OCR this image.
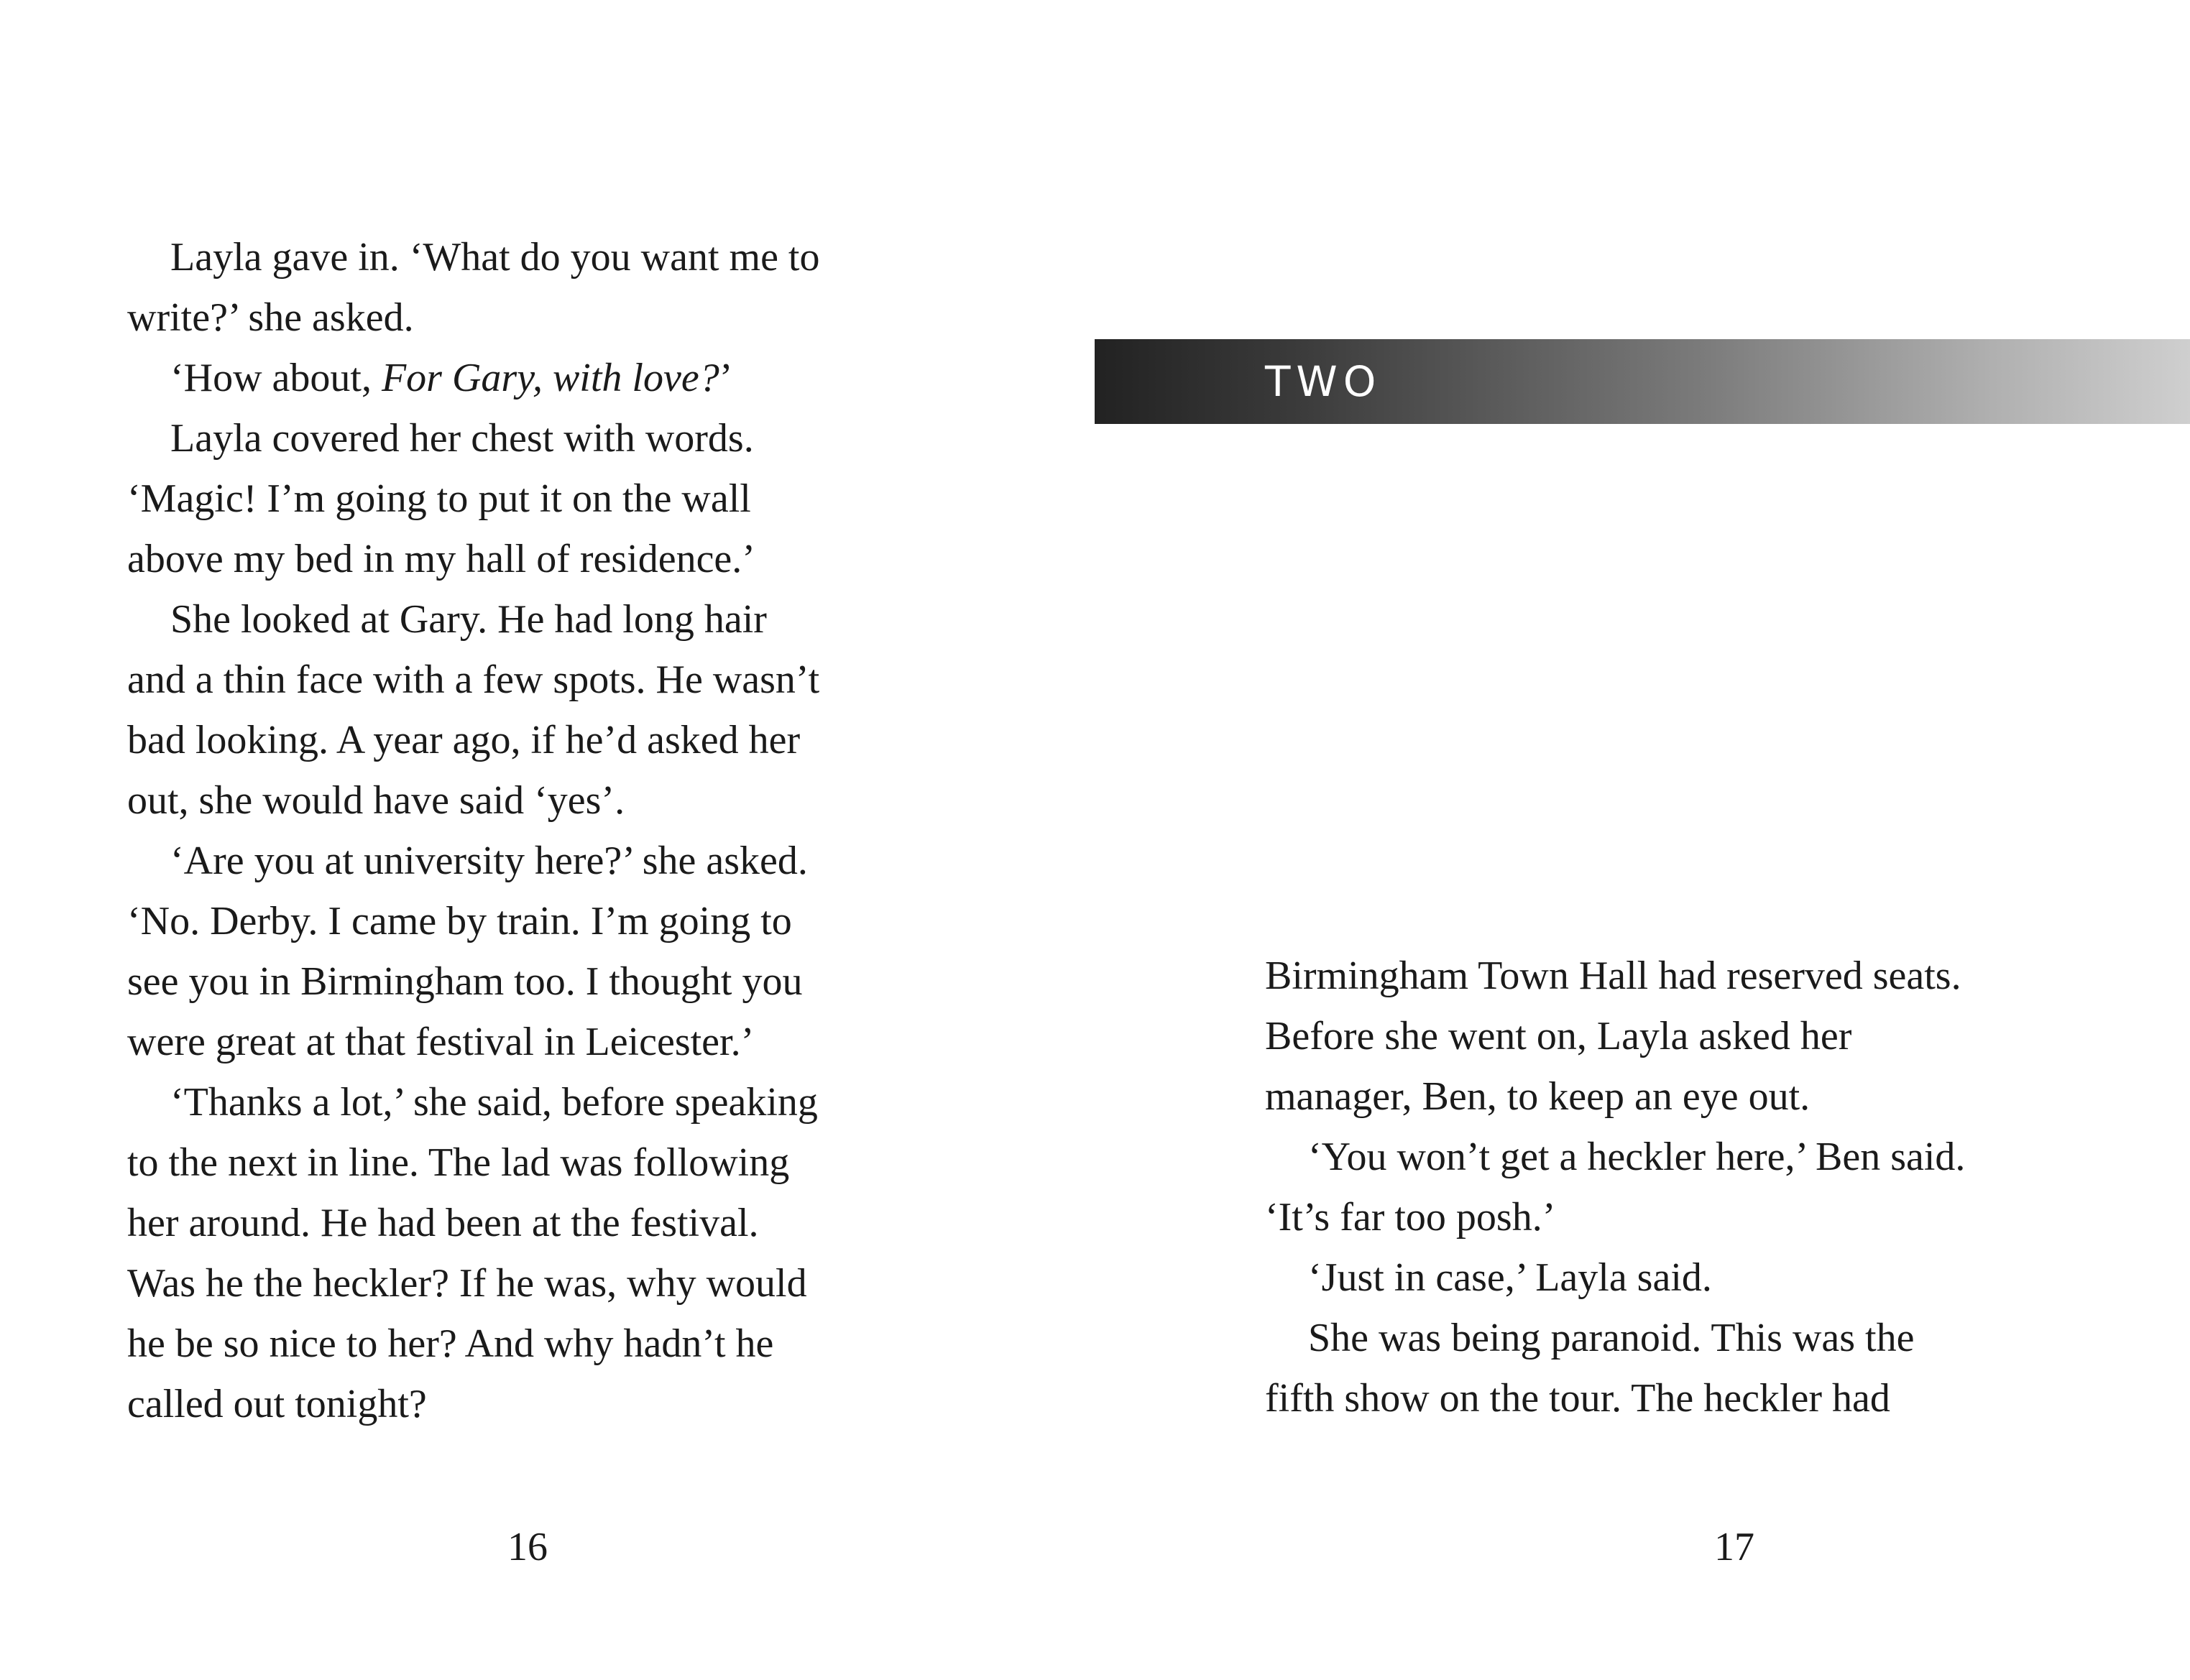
Layla gave in. ‘What do you want me to
write?’ she asked.
‘How about, For Gary, with love?’
Layla covered her chest with words.
‘Magic! I’m going to put it on the wall
above my bed in my hall of residence.’
She looked at Gary. He had long hair
and a thin face with a few spots. He wasn’t
bad looking. A year ago, if he’d asked her
out, she would have said ‘yes’.
‘Are you at university here?’ she asked.
‘No. Derby. I came by train. I’m going to
see you in Birmingham too. I thought you
were great at that festival in Leicester.’
‘Thanks a lot,’ she said, before speaking
to the next in line. The lad was following
her around. He had been at the festival.
Was he the heckler? If he was, why would
he be so nice to her? And why hadn’t he
called out tonight?
16
TWO
Birmingham Town Hall had reserved seats.
Before she went on, Layla asked her
manager, Ben, to keep an eye out.
‘You won’t get a heckler here,’ Ben said.
‘It’s far too posh.’
‘Just in case,’ Layla said.
She was being paranoid. This was the
fifth show on the tour. The heckler had
17
